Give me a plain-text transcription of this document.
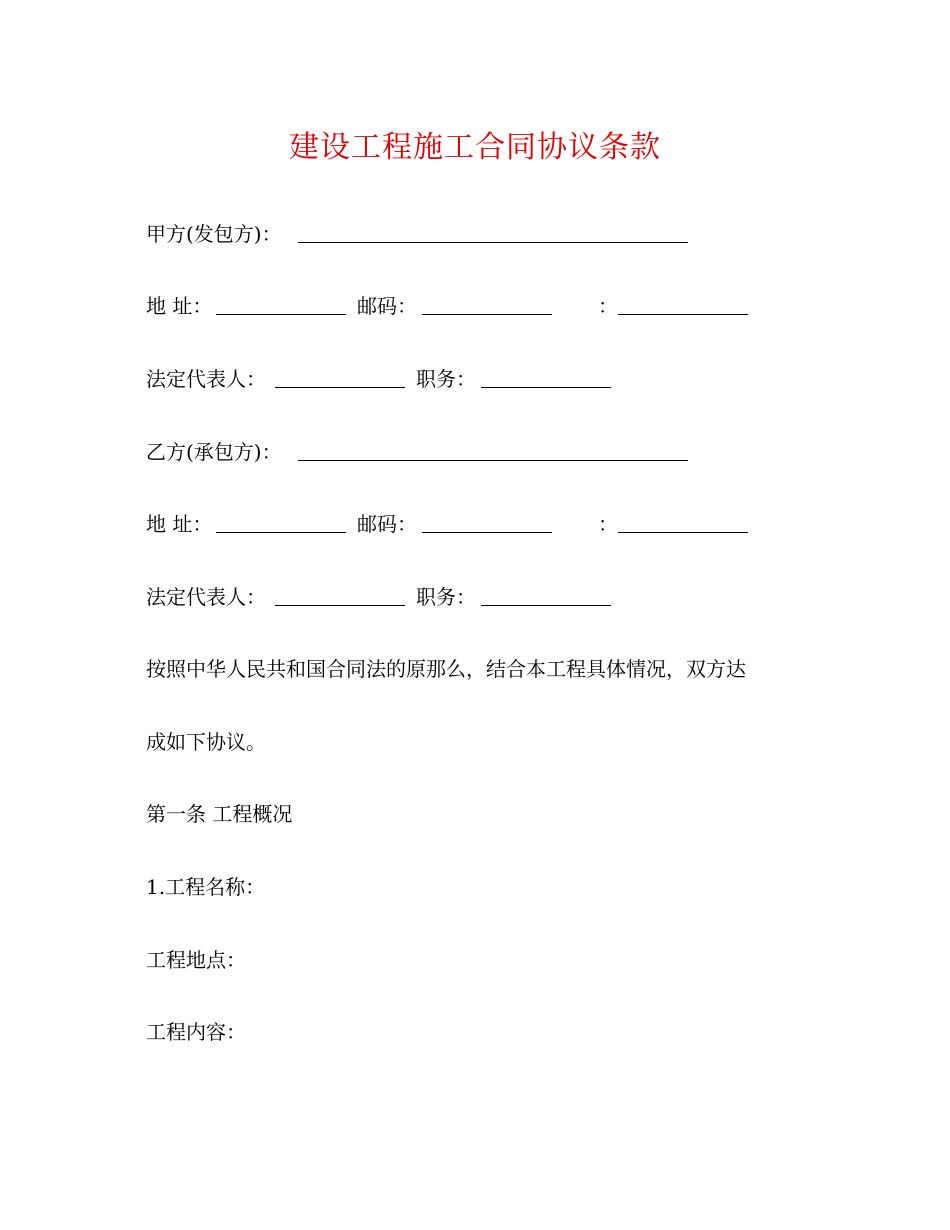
建设工程施工合同协议条款
甲方(发包方)：
地 址：	邮码：	：
法定代表人：	职务：
乙方(承包方)：
地 址：	邮码：	：
法定代表人：	职务：
按照中华人民共和国合同法的原那么，结合本工程具体情况，双方达
成如下协议。
第一条 工程概况
1.工程名称：
工程地点：
工程内容：
